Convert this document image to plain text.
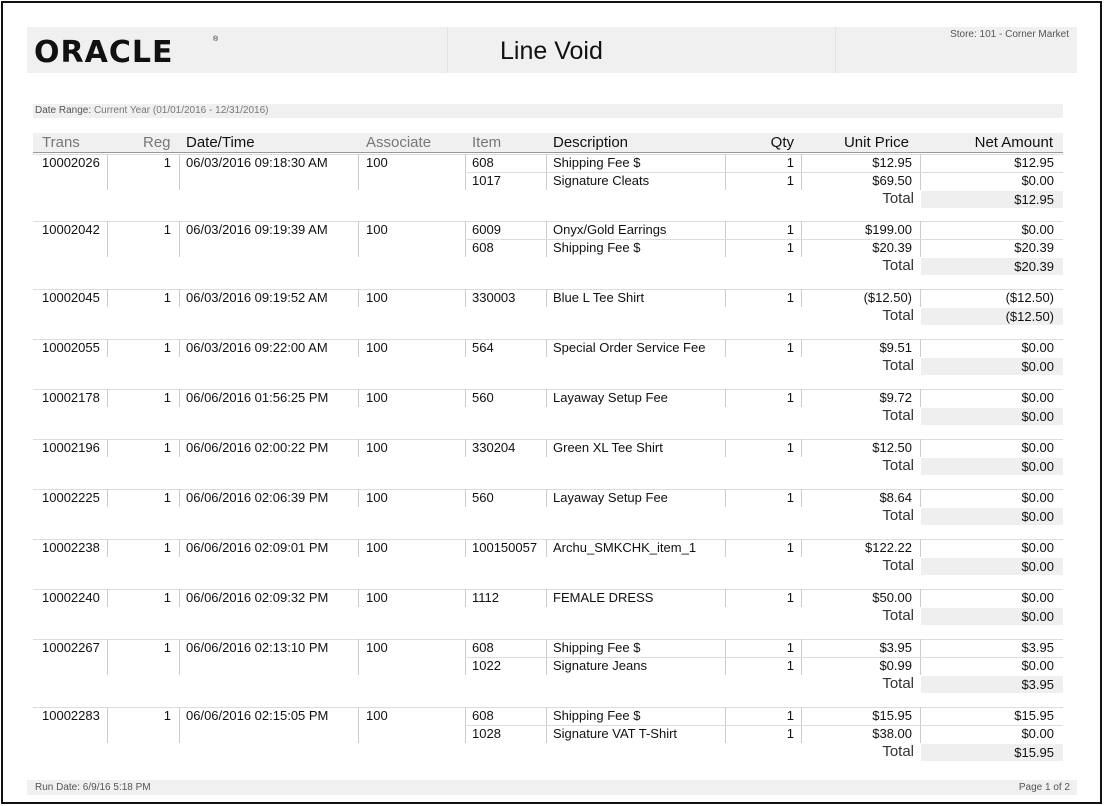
ORACLE	®	Line Void
Store: 101 - Corner Market
Date Range: Current Year (01/01/2016 - 12/31/2016)
Trans	Reg Date/Time	Associate	Item	Description	Qty	Unit Price	Net Amount
10002026	1 06/03/2016 09:18:30 AM	100	608	Shipping Fee $	1	$12.95	$12.95
1017	Signature Cleats	1	$69.50	$0.00
Total	$12.95
10002042	1 06/03/2016 09:19:39 AM	100	6009	Onyx/Gold Earrings	1	$199.00	$0.00
608	Shipping Fee $	1	$20.39	$20.39
Total	$20.39
10002045	1 06/03/2016 09:19:52 AM	100	330003	Blue L Tee Shirt	1	($12.50)	($12.50)
Total	($12.50)
10002055	1 06/03/2016 09:22:00 AM	100	564	Special Order Service Fee	1	$9.51	$0.00
Total	$0.00
10002178	1 06/06/2016 01:56:25 PM	100	560	Layaway Setup Fee	1	$9.72	$0.00
Total	$0.00
10002196	1 06/06/2016 02:00:22 PM	100	330204	Green XL Tee Shirt	1	$12.50	$0.00
Total	$0.00
10002225	1 06/06/2016 02:06:39 PM	100	560	Layaway Setup Fee	1	$8.64	$0.00
Total	$0.00
10002238	1 06/06/2016 02:09:01 PM	100	100150057 Archu_SMKCHK_item_1	1	$122.22	$0.00
Total	$0.00
10002240	1 06/06/2016 02:09:32 PM	100	1112	FEMALE DRESS	1	$50.00	$0.00
Total	$0.00
10002267	1 06/06/2016 02:13:10 PM	100	608	Shipping Fee $	1	$3.95	$3.95
1022	Signature Jeans	1	$0.99	$0.00
Total	$3.95
10002283	1 06/06/2016 02:15:05 PM	100	608	Shipping Fee $	1	$15.95	$15.95
1028	Signature VAT T-Shirt	1	$38.00	$0.00
Total	$15.95
Run Date: 6/9/16 5:18 PM	Page 1 of 2
